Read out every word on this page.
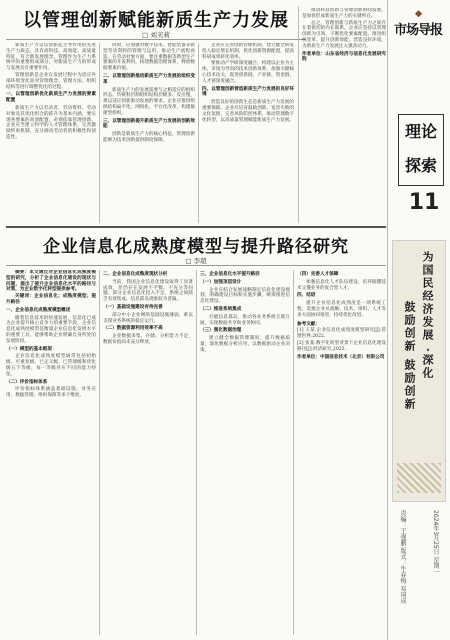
以管理创新赋能新质生产力发展
□ 刘芙莉

新质生产力是以创新起主导作用的先进生产力质态，具有高科技、高效能、高质量特征，符合新发展理念。管理作为生产力系统中的重要组成部分，对新质生产力的形成与发展具有重要作用。

管理创新是企业在发展过程中为适应外部环境变化而对管理理念、管理方法、组织结构等进行调整优化的过程。

一、以管理创新优化新质生产力发展的要素配置

新质生产力以劳动者、劳动资料、劳动对象及其优化组合的跃升为基本内涵，要实现各要素的高效配置，必须依靠管理创新。企业应当建立科学的人才管理体系，完善激励约束机制，充分调动劳动者的积极性和创造性。

同时，应加强对数字技术、智能装备等新型劳动资料的管理与运用，推动生产流程再造。在劳动对象方面，要注重数据等新型生产要素的开发利用，构建数据治理体系，释放数据要素价值。

二、以管理创新推动新质生产力发展的组织变革

新质生产力的发展需要与之相适应的组织形态。传统科层制组织结构层级多、反应慢，难以适应创新驱动发展的要求。企业应推进组织结构扁平化、网络化、平台化改革，构建敏捷型组织。

三、以管理创新提升新质生产力发展的创新效能

创新是新质生产力的核心特征，管理创新能够为技术创新提供制度保障。

企业应完善创新管理机制，建立健全研发投入稳定增长机制，优化创新资源配置，提高科研成果转化效率。

要推动产学研深度融合，构建以企业为主体、市场为导向的技术创新体系，加强关键核心技术攻关，促进创新链、产业链、资金链、人才链深度融合。

四、以管理创新营造新质生产力发展的良好环境

营造良好的创新生态是新质生产力发展的重要保障。企业应培育鼓励创新、宽容失败的文化氛围，完善风险防控体系，推动管理数字化转型，以高质量管理赋能新质生产力发展。

推动科技创新与管理创新协同发展，是加快形成新质生产力的关键所在。

总之，管理创新与新质生产力之间存在着密切的内在联系。企业应坚持以管理创新为引领，不断优化要素配置、推进组织变革、提升创新效能、营造良好环境，为新质生产力发展注入强劲动力。

作者单位：山东省经济与信息化发展研究院

企业信息化成熟度模型与提升路径研究
□ 李超

摘要：本文通过对企业信息化成熟度模型的研究，分析了企业信息化建设的现状与问题，提出了提升企业信息化水平的路径与对策，为企业数字化转型提供参考。

关键词：企业信息化；成熟度模型；提升路径

一、企业信息化成熟度模型概述

随着信息技术的快速发展，信息化已成为企业提升核心竞争力的重要手段。企业信息化成熟度模型是衡量企业信息化发展水平的重要工具，能够帮助企业明确自身所处的发展阶段。

（一）模型的基本框架

企业信息化成熟度模型通常包括初始级、可重复级、已定义级、已管理级和优化级五个等级，每一等级对应不同的能力特征。

（二）评价指标体系

评价指标体系涵盖基础设施、业务应用、数据管理、组织保障等多个维度。

二、企业信息化成熟度现状分析

当前，我国企业信息化建设取得了显著成效，但仍存在发展不平衡、不充分等问题。部分企业信息化投入不足，系统之间缺乏有效集成，信息孤岛现象较为普遍。

（一）基础设施建设有待完善

部分中小企业网络基础设施薄弱，难以支撑业务系统的稳定运行。

（二）数据资源利用效率不高

企业数据采集、存储、分析能力不足，数据价值尚未充分释放。

三、企业信息化水平提升路径

（一）加强顶层设计

企业应结合发展战略制定信息化建设规划，明确建设目标和实施步骤，统筹推进信息化建设。

（二）推进系统集成

打破信息孤岛，推动各业务系统互联互通，实现数据共享和业务协同。

（三）强化数据治理

建立健全数据管理制度，提升数据质量，深化数据分析应用，以数据驱动企业决策。

（四）完善人才保障

加强信息化人才队伍建设，培养既懂技术又懂业务的复合型人才。

四、结语

提升企业信息化成熟度是一项系统工程，需要企业从战略、技术、组织、人才等多方面协同推进，持续优化改进。

参考文献：

[1] 王某.企业信息化成熟度模型研究[J].管理世界,2022.

[2] 张某.数字化转型背景下企业信息化建设路径[J].经济研究,2023.

作者单位：中国信息技术（北京）有限公司

❖
市场导报
理论探索
11
为国民经济发展 ·深化
鼓励创新 鼓励创新
责编：王强鹏 版式：牛春梅 易国成	2024年3月25日 星期一
